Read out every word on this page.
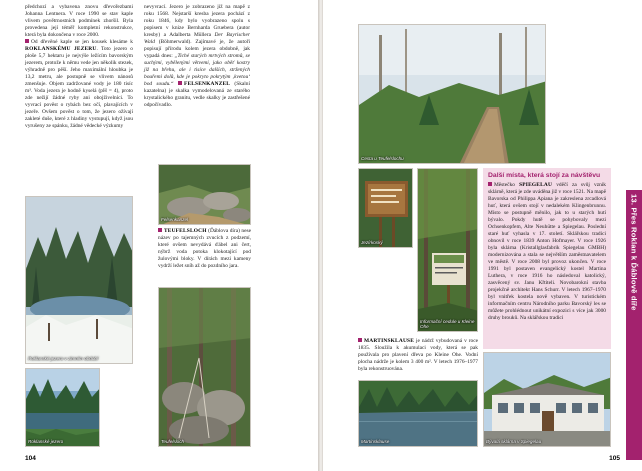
předchozí a vybavena znovu dřevořezbami Johanna Lentnera. V roce 1990 se stav kaple vlivem povětrnostních podmínek zhoršil. Byla provedena její téměř kompletní rekonstrukce, která byla dokončena v roce 2000.

Od dřevěné kaple se jen kousek klesáme k ROKLANSKÉMU JEZERU. Toto jezero o ploše 5,7 hektaru je nejvýše ležícím bavorským jezerem, protože k němu vede jen několik stezek, výhradně pro pěší. Jeho maximální hloubka je 13,2 metru, ale postupně se vlivem nánosů zmenšuje. Objem zadržované vody je 180 tisíc m³. Voda jezera je hodně kyselá (pH = 4), proto zde nežijí žádné ryby ani obojživelníci. To vyvrací pověst o rybách bez očí, plavajících v jezeře. Ovšem pověst o tom, že jezero ožívají zakleté duše, které z hladiny vystupují, když jsou vyrušeny ze spánku, žádné vědecké výzkumy

Roklanské jezero v zimním období
Roklanské jezero

nevyvrací. Jezero je zobrazeno již na mapě z roku 1568. Nejstarší kresba jezera pochází z roku 1846, kdy bylo vyobrazeno spolu s popisem v knize Bernharda Gruebera (autor kresby) a Adalberta Müllera Der Bayrischer Wald (Böhmerwald). Zajímavé je, že autoři popisují přírodu kolem jezera obdobně, jak vypadá dnes: „Tiché starých mrtvých stromů, se suchými, vybělenými větvemi, jako oběť kostry již na břehu, ale i tisíce dalších, stržených bouřemi dolů, kde je pokryto pokrytým ‚kvetou‘ bod soudu.“ FELSENKANZEL (Skalní kazatelna) je skalka vymodelovaná ze starého krystalického granitu, vedle skalky je zastřešené odpočívadlo.

Felsenkanzel

TEUFELSLOCH (Ďáblova díra) nese název po tajemných zvucích z podzemí, které ovšem nevydává ďábel ani čert, nýbrž voda potoka klokotající pod žulovými bloky. V dírách mezi kameny vydrží ležet sníh až do pozdního jara.

Teufelsloch
104
Cesta u Teufelslochu
Jezírkoský
Informační cedule u Kleine Ohe

MARTINSKLAUSE je nádrž vybudovaná v roce 1835. Sloužila k akumulaci vody, která se pak používala pro plavení dřeva po Kleine Ohe. Vodní plocha nádrže je kolem 3 400 m². V letech 1976–1977 byla rekonstruována.

Martinsklause
Další místa, která stojí za návštěvu

Městečko SPIEGELAU vděčí za svůj vznik sklárně, která je zde uváděna již v roce 1521. Na mapě Bavorska od Philippa Apiana je zakreslena zrcadlová huť, která ovšem stojí v nedalekém Klingenbrunnu. Místo se postupně měnilo, jak to u starých hutí bývalo. Pokdy hutě se pohybovaly mezi Ochsenkopfem, Alte Neuhütte a Spiegelau. Poslední staré huť vyhasla v 17. století. Sklářskou tradici obnovil v roce 1839 Anton Hofmayer. V roce 1926 byla sklárna (Kristallglasfabrik Spiegelau GMBH) modernizována a stala se největším zaměstnavatelem ve městě. V roce 2008 byl provoz ukončen. V roce 1991 byl postaven evangelický kostel Martina Luthera, v roce 1916 ho následoval katolický, zasvěcený sv. Janu Křtiteli. Novobarokní stavba projekčně architekt Hans Schurr. V letech 1967–1970 byl vnitřek kostela nově vybaven. V turistickém informačním centru Národního parku Bavorský les se můžete prohlédnout unikátní expozici s více jak 3000 druhy brouků. Na sklářskou tradici

Bývalá sklárna v Spiegelau
13. Přes Roklan k Ďáblově díře
105
